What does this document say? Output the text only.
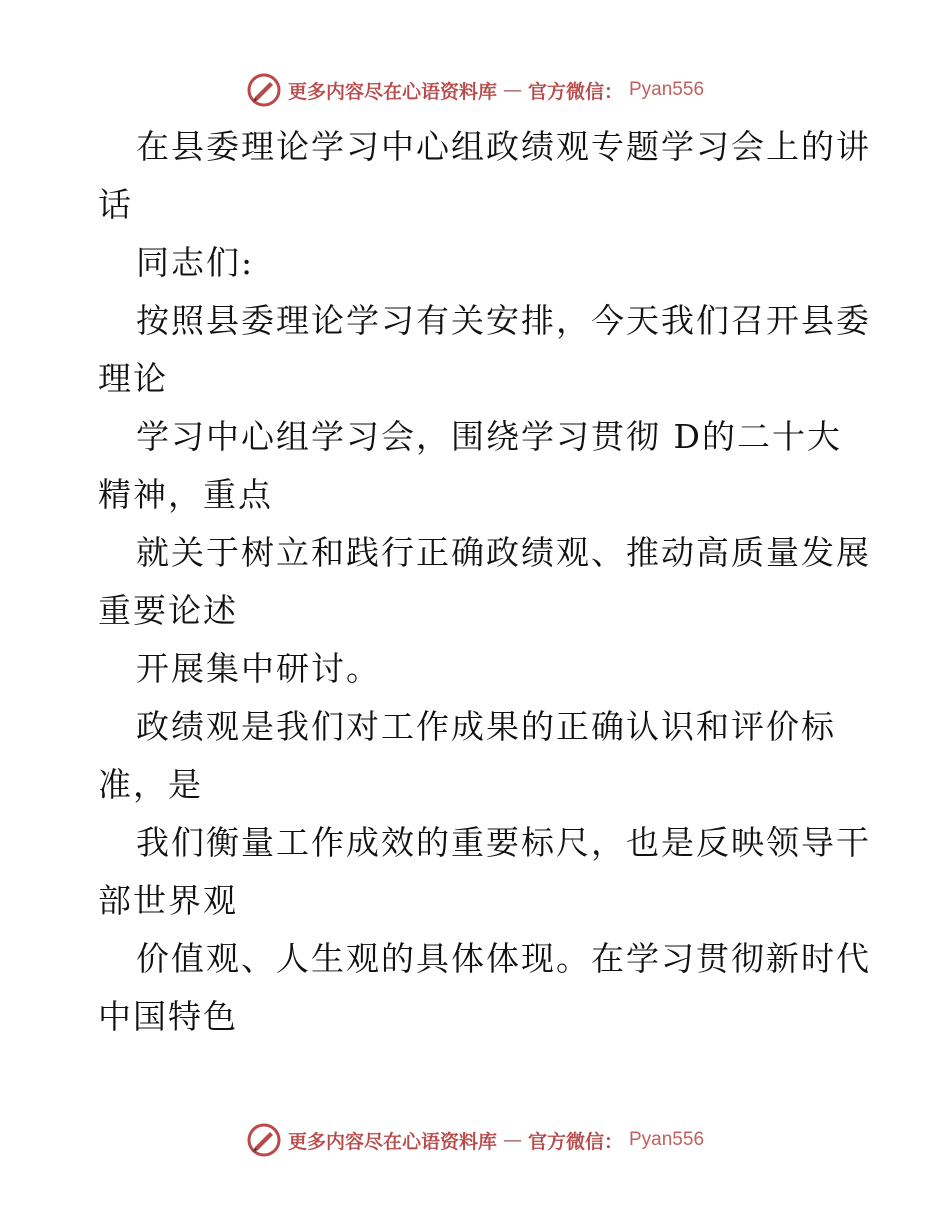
更多内容尽在心语资料库 — 官方微信： Pyan556
在县委理论学习中心组政绩观专题学习会上的讲
话
同志们:
按照县委理论学习有关安排，今天我们召开县委
理论
学习中心组学习会，围绕学习贯彻 D的二十大
精神，重点
就关于树立和践行正确政绩观、推动高质量发展
重要论述
开展集中研讨。
政绩观是我们对工作成果的正确认识和评价标
准，是
我们衡量工作成效的重要标尺，也是反映领导干
部世界观
价值观、人生观的具体体现。在学习贯彻新时代
中国特色
更多内容尽在心语资料库 — 官方微信： Pyan556
